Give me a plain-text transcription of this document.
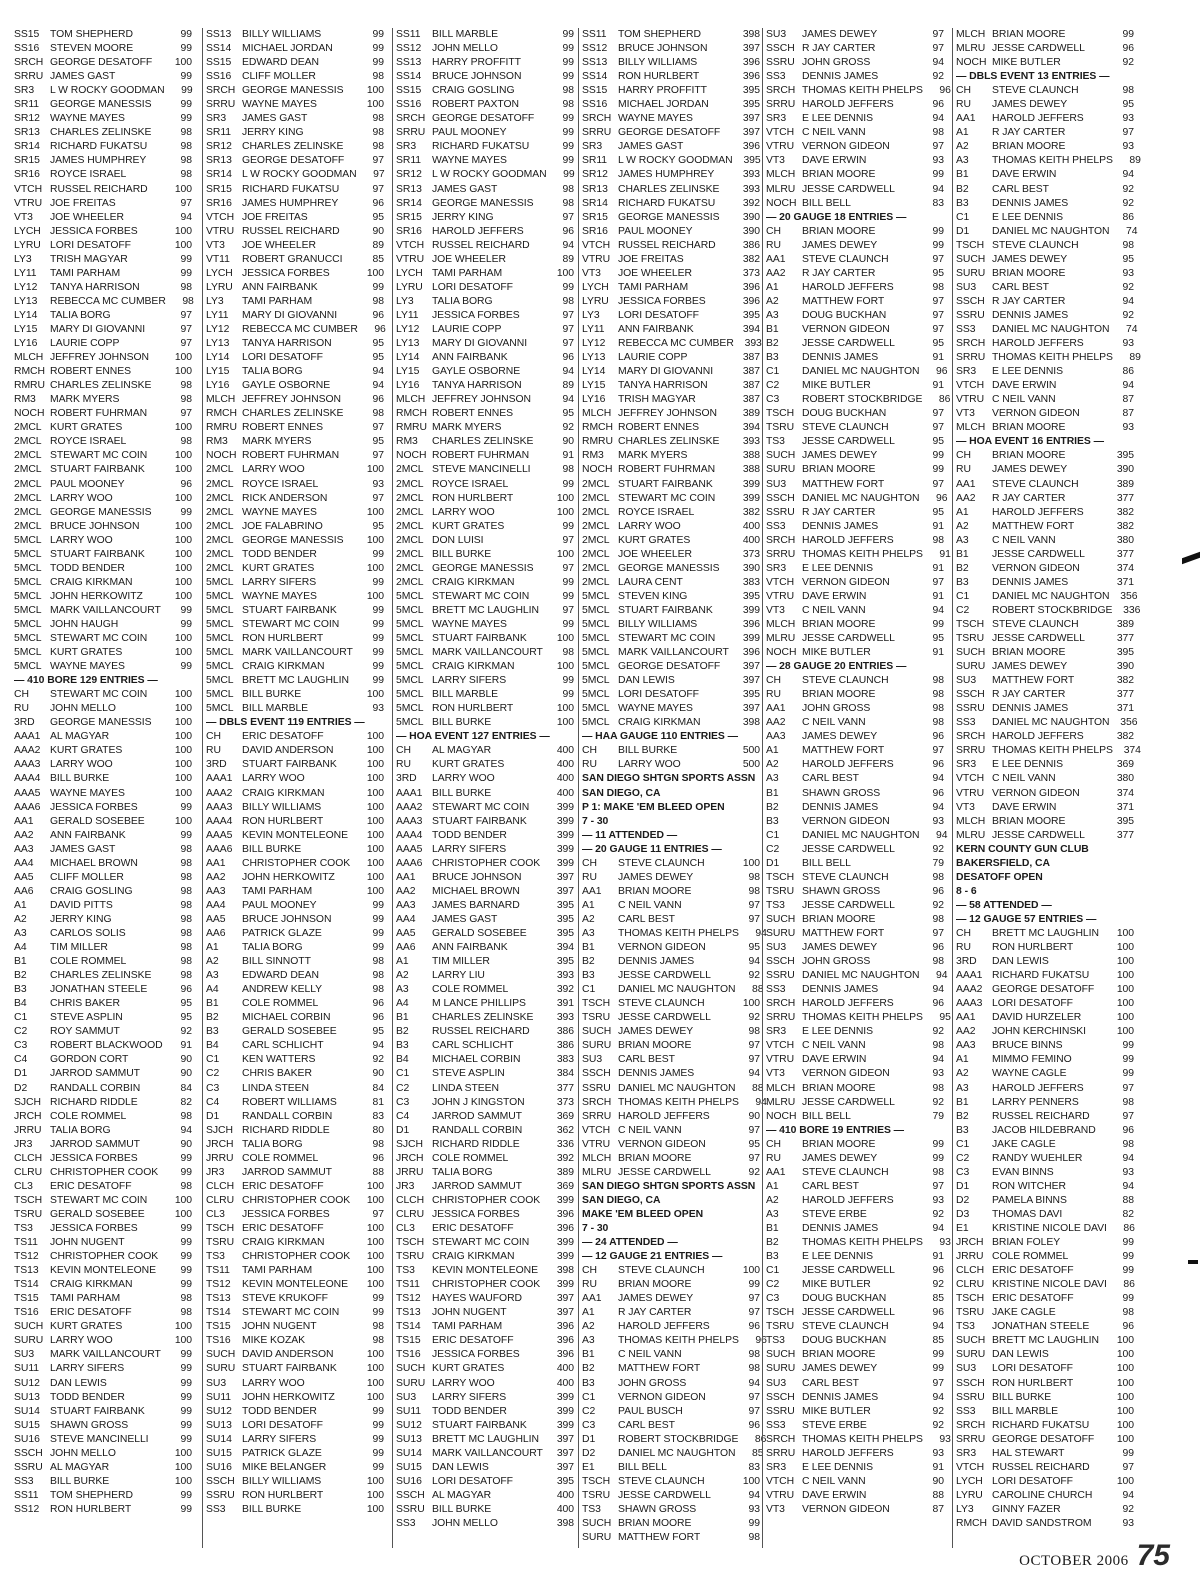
SS15	TOM SHEPHERD	99
SS16	STEVEN MOORE	99
SRCH GEORGE DESATOFF	100
SRRU JAMES GAST	99
SR3	L W ROCKY GOODMAN	99
SR11	GEORGE MANESSIS	99
SR12 WAYNE MAYES	99
SR13 CHARLES ZELINSKE	98
SR14 RICHARD FUKATSU	98
SR15 JAMES HUMPHREY	98
SR16 ROYCE ISRAEL	98
VTCH RUSSEL REICHARD	100
VTRU JOE FREITAS	97
VT3	JOE WHEELER	94
LYCH JESSICA FORBES	100
LYRU LORI DESATOFF	100
LY3	TRISH MAGYAR	99
LY11	TAMI PARHAM	99
LY12	TANYA HARRISON	98
LY13	REBECCA MC CUMBER	98
LY14	TALIA BORG	97
LY15	MARY DI GIOVANNI	97
LY16	LAURIE COPP	97
MLCH JEFFREY JOHNSON	100
RMCH ROBERT ENNES	100
RMRU CHARLES ZELINSKE	98
RM3	MARK MYERS	98
NOCH ROBERT FUHRMAN	97
2MCL KURT GRATES	100
2MCL ROYCE ISRAEL	98
2MCL STEWART MC COIN	100
2MCL STUART FAIRBANK	100
2MCL PAUL MOONEY	96
2MCL LARRY WOO	100
2MCL GEORGE MANESSIS	99
2MCL BRUCE JOHNSON	100
5MCL LARRY WOO	100
5MCL STUART FAIRBANK	100
5MCL TODD BENDER	100
5MCL CRAIG KIRKMAN	100
5MCL JOHN HERKOWITZ	100
5MCL MARK VAILLANCOURT	99
5MCL JOHN HAUGH	99
5MCL STEWART MC COIN	100
5MCL KURT GRATES	100
5MCL WAYNE MAYES	99
— 410 BORE 129 ENTRIES —
CH	STEWART MC COIN	100
RU	JOHN MELLO	100
3RD	GEORGE MANESSIS	100
AAA1 AL MAGYAR	100
AAA2 KURT GRATES	100
AAA3 LARRY WOO	100
AAA4 BILL BURKE	100
AAA5 WAYNE MAYES	100
AAA6 JESSICA FORBES	99
AA1	GERALD SOSEBEE	100
AA2	ANN FAIRBANK	99
AA3	JAMES GAST	98
AA4	MICHAEL BROWN	98
AA5	CLIFF MOLLER	98
AA6	CRAIG GOSLING	98
A1	DAVID PITTS	98
A2	JERRY KING	98
A3	CARLOS SOLIS	98
A4	TIM MILLER	98
B1	COLE ROMMEL	98
B2	CHARLES ZELINSKE	98
B3	JONATHAN STEELE	96
B4	CHRIS BAKER	95
C1	STEVE ASPLIN	95
C2	ROY SAMMUT	92
C3	ROBERT BLACKWOOD	91
C4	GORDON CORT	90
D1	JARROD SAMMUT	90
D2	RANDALL CORBIN	84
SJCH RICHARD RIDDLE	82
JRCH COLE ROMMEL	98
JRRU TALIA BORG	94
JR3	JARROD SAMMUT	90
CLCH JESSICA FORBES	99
CLRU CHRISTOPHER COOK	99
CL3	ERIC DESATOFF	98
TSCH STEWART MC COIN	100
TSRU GERALD SOSEBEE	100
TS3	JESSICA FORBES	99
TS11	JOHN NUGENT	99
TS12	CHRISTOPHER COOK	99
TS13	KEVIN MONTELEONE	99
TS14	CRAIG KIRKMAN	99
TS15	TAMI PARHAM	98
TS16	ERIC DESATOFF	98
SUCH KURT GRATES	100
SURU LARRY WOO	100
SU3	MARK VAILLANCOURT	99
SU11	LARRY SIFERS	99
SU12 DAN LEWIS	99
SU13 TODD BENDER	99
SU14 STUART FAIRBANK	99
SU15 SHAWN GROSS	99
SU16 STEVE MANCINELLI	99
SSCH JOHN MELLO	100
SSRU AL MAGYAR	100
SS3	BILL BURKE	100
SS11	TOM SHEPHERD	99
SS12	RON HURLBERT	99
SS13	BILLY WILLIAMS	99
SS14	MICHAEL JORDAN	99
SS15	EDWARD DEAN	99
SS16	CLIFF MOLLER	98
SRCH GEORGE MANESSIS	100
SRRU WAYNE MAYES	100
SR3	JAMES GAST	98
SR11	JERRY KING	98
SR12 CHARLES ZELINSKE	98
SR13 GEORGE DESATOFF	97
SR14 L W ROCKY GOODMAN	97
SR15 RICHARD FUKATSU	97
SR16 JAMES HUMPHREY	96
VTCH JOE FREITAS	95
VTRU RUSSEL REICHARD	90
VT3	JOE WHEELER	89
VT11	ROBERT GRANUCCI	85
LYCH JESSICA FORBES	100
LYRU ANN FAIRBANK	99
LY3	TAMI PARHAM	98
LY11	MARY DI GIOVANNI	96
LY12	REBECCA MC CUMBER	96
LY13	TANYA HARRISON	95
LY14	LORI DESATOFF	95
LY15	TALIA BORG	94
LY16	GAYLE OSBORNE	94
MLCH JEFFREY JOHNSON	96
RMCH CHARLES ZELINSKE	98
RMRU ROBERT ENNES	97
RM3	MARK MYERS	95
NOCH ROBERT FUHRMAN	97
2MCL LARRY WOO	100
2MCL ROYCE ISRAEL	93
2MCL RICK ANDERSON	97
2MCL WAYNE MAYES	100
2MCL JOE FALABRINO	95
2MCL GEORGE MANESSIS	100
2MCL TODD BENDER	99
2MCL KURT GRATES	100
5MCL LARRY SIFERS	99
5MCL WAYNE MAYES	100
5MCL STUART FAIRBANK	99
5MCL STEWART MC COIN	99
5MCL RON HURLBERT	99
5MCL MARK VAILLANCOURT	99
5MCL CRAIG KIRKMAN	99
5MCL BRETT MC LAUGHLIN	99
5MCL BILL BURKE	100
5MCL BILL MARBLE	93
— DBLS EVENT 119 ENTRIES —
CH	ERIC DESATOFF	100
RU	DAVID ANDERSON	100
3RD	STUART FAIRBANK	100
AAA1 LARRY WOO	100
AAA2 CRAIG KIRKMAN	100
AAA3 BILLY WILLIAMS	100
AAA4 RON HURLBERT	100
AAA5 KEVIN MONTELEONE	100
AAA6 BILL BURKE	100
AA1	CHRISTOPHER COOK	100
AA2	JOHN HERKOWITZ	100
AA3	TAMI PARHAM	100
AA4	PAUL MOONEY	99
AA5	BRUCE JOHNSON	99
AA6	PATRICK GLAZE	99
A1	TALIA BORG	99
A2	BILL SINNOTT	98
A3	EDWARD DEAN	98
A4	ANDREW KELLY	98
B1	COLE ROMMEL	96
B2	MICHAEL CORBIN	96
B3	GERALD SOSEBEE	95
B4	CARL SCHLICHT	94
C1	KEN WATTERS	92
C2	CHRIS BAKER	90
C3	LINDA STEEN	84
C4	ROBERT WILLIAMS	81
D1	RANDALL CORBIN	83
SJCH RICHARD RIDDLE	80
JRCH TALIA BORG	98
JRRU COLE ROMMEL	96
JR3	JARROD SAMMUT	88
CLCH ERIC DESATOFF	100
CLRU CHRISTOPHER COOK	100
CL3	JESSICA FORBES	97
TSCH ERIC DESATOFF	100
TSRU CRAIG KIRKMAN	100
TS3	CHRISTOPHER COOK	100
TS11	TAMI PARHAM	100
TS12	KEVIN MONTELEONE	100
TS13	STEVE KRUKOFF	99
TS14	STEWART MC COIN	99
TS15	JOHN NUGENT	98
TS16	MIKE KOZAK	98
SUCH DAVID ANDERSON	100
SURU STUART FAIRBANK	100
SU3	LARRY WOO	100
SU11	JOHN HERKOWITZ	100
SU12 TODD BENDER	99
SU13 LORI DESATOFF	99
SU14 LARRY SIFERS	99
SU15 PATRICK GLAZE	99
SU16 MIKE BELANGER	99
SSCH BILLY WILLIAMS	100
SSRU RON HURLBERT	100
SS3	BILL BURKE	100
SS11	BILL MARBLE	99
SS12	JOHN MELLO	99
SS13	HARRY PROFFITT	99
SS14	BRUCE JOHNSON	99
SS15	CRAIG GOSLING	98
SS16	ROBERT PAXTON	98
SRCH GEORGE DESATOFF	99
SRRU PAUL MOONEY	99
SR3	RICHARD FUKATSU	99
SR11	WAYNE MAYES	99
SR12 L W ROCKY GOODMAN	99
SR13 JAMES GAST	98
SR14 GEORGE MANESSIS	98
SR15 JERRY KING	97
SR16 HAROLD JEFFERS	96
VTCH RUSSEL REICHARD	94
VTRU JOE WHEELER	89
LYCH TAMI PARHAM	100
LYRU LORI DESATOFF	99
LY3	TALIA BORG	98
LY11	JESSICA FORBES	97
LY12	LAURIE COPP	97
LY13	MARY DI GIOVANNI	97
LY14	ANN FAIRBANK	96
LY15	GAYLE OSBORNE	94
LY16	TANYA HARRISON	89
MLCH JEFFREY JOHNSON	94
RMCH ROBERT ENNES	95
RMRU MARK MYERS	92
RM3	CHARLES ZELINSKE	90
NOCH ROBERT FUHRMAN	91
2MCL STEVE MANCINELLI	98
2MCL ROYCE ISRAEL	99
2MCL RON HURLBERT	100
2MCL LARRY WOO	100
2MCL KURT GRATES	99
2MCL DON LUISI	97
2MCL BILL BURKE	100
2MCL GEORGE MANESSIS	97
2MCL CRAIG KIRKMAN	99
5MCL STEWART MC COIN	99
5MCL BRETT MC LAUGHLIN	97
5MCL WAYNE MAYES	99
5MCL STUART FAIRBANK	100
5MCL MARK VAILLANCOURT	98
5MCL CRAIG KIRKMAN	100
5MCL LARRY SIFERS	99
5MCL BILL MARBLE	99
5MCL RON HURLBERT	100
5MCL BILL BURKE	100
— HOA EVENT 127 ENTRIES —
CH	AL MAGYAR	400
RU	KURT GRATES	400
3RD	LARRY WOO	400
AAA1 BILL BURKE	400
AAA2 STEWART MC COIN	399
AAA3 STUART FAIRBANK	399
AAA4 TODD BENDER	399
AAA5 LARRY SIFERS	399
AAA6 CHRISTOPHER COOK	399
AA1	BRUCE JOHNSON	397
AA2	MICHAEL BROWN	397
AA3	JAMES BARNARD	395
AA4	JAMES GAST	395
AA5	GERALD SOSEBEE	395
AA6	ANN FAIRBANK	394
A1	TIM MILLER	395
A2	LARRY LIU	393
A3	COLE ROMMEL	392
A4	M LANCE PHILLIPS	391
B1	CHARLES ZELINSKE	393
B2	RUSSEL REICHARD	386
B3	CARL SCHLICHT	386
B4	MICHAEL CORBIN	383
C1	STEVE ASPLIN	384
C2	LINDA STEEN	377
C3	JOHN J KINGSTON	373
C4	JARROD SAMMUT	369
D1	RANDALL CORBIN	362
SJCH RICHARD RIDDLE	336
JRCH COLE ROMMEL	392
JRRU TALIA BORG	389
JR3	JARROD SAMMUT	369
CLCH CHRISTOPHER COOK	399
CLRU JESSICA FORBES	396
CL3	ERIC DESATOFF	396
TSCH STEWART MC COIN	399
TSRU CRAIG KIRKMAN	399
TS3	KEVIN MONTELEONE	398
TS11	CHRISTOPHER COOK	399
TS12	HAYES WAUFORD	397
TS13	JOHN NUGENT	397
TS14	TAMI PARHAM	396
TS15	ERIC DESATOFF	396
TS16	JESSICA FORBES	396
SUCH KURT GRATES	400
SURU LARRY WOO	400
SU3	LARRY SIFERS	399
SU11	TODD BENDER	399
SU12 STUART FAIRBANK	399
SU13 BRETT MC LAUGHLIN	397
SU14 MARK VAILLANCOURT	397
SU15 DAN LEWIS	397
SU16 LORI DESATOFF	395
SSCH AL MAGYAR	400
SSRU BILL BURKE	400
SS3	JOHN MELLO	398
SS11	TOM SHEPHERD	398
SS12	BRUCE JOHNSON	397
SS13	BILLY WILLIAMS	396
SS14	RON HURLBERT	396
SS15	HARRY PROFFITT	395
SS16	MICHAEL JORDAN	395
SRCH WAYNE MAYES	397
SRRU GEORGE DESATOFF	397
SR3	JAMES GAST	396
SR11	L W ROCKY GOODMAN	395
SR12 JAMES HUMPHREY	393
SR13 CHARLES ZELINSKE	393
SR14 RICHARD FUKATSU	392
SR15 GEORGE MANESSIS	390
SR16 PAUL MOONEY	390
VTCH RUSSEL REICHARD	386
VTRU JOE FREITAS	382
VT3	JOE WHEELER	373
LYCH TAMI PARHAM	396
LYRU JESSICA FORBES	396
LY3	LORI DESATOFF	395
LY11	ANN FAIRBANK	394
LY12	REBECCA MC CUMBER	393
LY13	LAURIE COPP	387
LY14	MARY DI GIOVANNI	387
LY15	TANYA HARRISON	387
LY16	TRISH MAGYAR	387
MLCH JEFFREY JOHNSON	389
RMCH ROBERT ENNES	394
RMRU CHARLES ZELINSKE	393
RM3	MARK MYERS	388
NOCH ROBERT FUHRMAN	388
2MCL STUART FAIRBANK	399
2MCL STEWART MC COIN	399
2MCL ROYCE ISRAEL	382
2MCL LARRY WOO	400
2MCL KURT GRATES	400
2MCL JOE WHEELER	373
2MCL GEORGE MANESSIS	390
2MCL LAURA CENT	383
5MCL STEVEN KING	395
5MCL STUART FAIRBANK	399
5MCL BILLY WILLIAMS	396
5MCL STEWART MC COIN	399
5MCL MARK VAILLANCOURT	396
5MCL GEORGE DESATOFF	397
5MCL DAN LEWIS	397
5MCL LORI DESATOFF	395
5MCL WAYNE MAYES	397
5MCL CRAIG KIRKMAN	398
— HAA GAUGE 110 ENTRIES —
CH	BILL BURKE	500
RU	LARRY WOO	500
SAN DIEGO SHTGN SPORTS ASSN
SAN DIEGO, CA
P 1: MAKE 'EM BLEED OPEN
7 - 30
— 11 ATTENDED —
— 20 GAUGE 11 ENTRIES —
CH	STEVE CLAUNCH	100
RU	JAMES DEWEY	98
AA1	BRIAN MOORE	98
A1	C NEIL VANN	97
A2	CARL BEST	97
A3	THOMAS KEITH PHELPS	94
B1	VERNON GIDEON	95
B2	DENNIS JAMES	94
B3	JESSE CARDWELL	92
C1	DANIEL MC NAUGHTON	88
TSCH STEVE CLAUNCH	100
TSRU JESSE CARDWELL	92
SUCH JAMES DEWEY	98
SURU BRIAN MOORE	97
SU3	CARL BEST	97
SSCH DENNIS JAMES	94
SSRU DANIEL MC NAUGHTON	88
SRCH THOMAS KEITH PHELPS	94
SRRU HAROLD JEFFERS	90
VTCH C NEIL VANN	97
VTRU VERNON GIDEON	95
MLCH BRIAN MOORE	97
MLRU JESSE CARDWELL	92
SAN DIEGO SHTGN SPORTS ASSN
SAN DIEGO, CA
MAKE 'EM BLEED OPEN
7 - 30
— 24 ATTENDED —
— 12 GAUGE 21 ENTRIES —
CH	STEVE CLAUNCH	100
RU	BRIAN MOORE	99
AA1	JAMES DEWEY	97
A1	R JAY CARTER	97
A2	HAROLD JEFFERS	96
A3	THOMAS KEITH PHELPS	96
B1	C NEIL VANN	98
B2	MATTHEW FORT	98
B3	JOHN GROSS	94
C1	VERNON GIDEON	97
C2	PAUL BUSCH	97
C3	CARL BEST	96
D1	ROBERT STOCKBRIDGE	86
D2	DANIEL MC NAUGHTON	85
E1	BILL BELL	83
TSCH STEVE CLAUNCH	100
TSRU JESSE CARDWELL	94
TS3	SHAWN GROSS	93
SUCH BRIAN MOORE	99
SURU MATTHEW FORT	98
SU3	JAMES DEWEY	97
SSCH R JAY CARTER	97
SSRU JOHN GROSS	94
SS3	DENNIS JAMES	92
SRCH THOMAS KEITH PHELPS	96
SRRU HAROLD JEFFERS	96
SR3	E LEE DENNIS	94
VTCH C NEIL VANN	98
VTRU VERNON GIDEON	97
VT3	DAVE ERWIN	93
MLCH BRIAN MOORE	99
MLRU JESSE CARDWELL	94
NOCH BILL BELL	83
— 20 GAUGE 18 ENTRIES —
CH	BRIAN MOORE	99
RU	JAMES DEWEY	99
AA1	STEVE CLAUNCH	97
AA2	R JAY CARTER	95
A1	HAROLD JEFFERS	98
A2	MATTHEW FORT	97
A3	DOUG BUCKHAN	97
B1	VERNON GIDEON	97
B2	JESSE CARDWELL	95
B3	DENNIS JAMES	91
C1	DANIEL MC NAUGHTON	96
C2	MIKE BUTLER	91
C3	ROBERT STOCKBRIDGE	86
TSCH DOUG BUCKHAN	97
TSRU STEVE CLAUNCH	97
TS3	JESSE CARDWELL	95
SUCH JAMES DEWEY	99
SURU BRIAN MOORE	99
SU3	MATTHEW FORT	97
SSCH DANIEL MC NAUGHTON	96
SSRU R JAY CARTER	95
SS3	DENNIS JAMES	91
SRCH HAROLD JEFFERS	98
SRRU THOMAS KEITH PHELPS	91
SR3	E LEE DENNIS	91
VTCH VERNON GIDEON	97
VTRU DAVE ERWIN	91
VT3	C NEIL VANN	94
MLCH BRIAN MOORE	99
MLRU JESSE CARDWELL	95
NOCH MIKE BUTLER	91
— 28 GAUGE 20 ENTRIES —
CH	STEVE CLAUNCH	98
RU	BRIAN MOORE	98
AA1	JOHN GROSS	98
AA2	C NEIL VANN	98
AA3	JAMES DEWEY	96
A1	MATTHEW FORT	97
A2	HAROLD JEFFERS	96
A3	CARL BEST	94
B1	SHAWN GROSS	96
B2	DENNIS JAMES	94
B3	VERNON GIDEON	93
C1	DANIEL MC NAUGHTON	94
C2	JESSE CARDWELL	92
D1	BILL BELL	79
TSCH STEVE CLAUNCH	98
TSRU SHAWN GROSS	96
TS3	JESSE CARDWELL	92
SUCH BRIAN MOORE	98
SURU MATTHEW FORT	97
SU3	JAMES DEWEY	96
SSCH JOHN GROSS	98
SSRU DANIEL MC NAUGHTON	94
SS3	DENNIS JAMES	94
SRCH HAROLD JEFFERS	96
SRRU THOMAS KEITH PHELPS	95
SR3	E LEE DENNIS	92
VTCH C NEIL VANN	98
VTRU DAVE ERWIN	94
VT3	VERNON GIDEON	93
MLCH BRIAN MOORE	98
MLRU JESSE CARDWELL	92
NOCH BILL BELL	79
— 410 BORE 19 ENTRIES —
CH	BRIAN MOORE	99
RU	JAMES DEWEY	99
AA1	STEVE CLAUNCH	98
A1	CARL BEST	97
A2	HAROLD JEFFERS	93
A3	STEVE ERBE	92
B1	DENNIS JAMES	94
B2	THOMAS KEITH PHELPS	93
B3	E LEE DENNIS	91
C1	JESSE CARDWELL	96
C2	MIKE BUTLER	92
C3	DOUG BUCKHAN	85
TSCH JESSE CARDWELL	96
TSRU STEVE CLAUNCH	94
TS3	DOUG BUCKHAN	85
SUCH BRIAN MOORE	99
SURU JAMES DEWEY	99
SU3	CARL BEST	97
SSCH DENNIS JAMES	94
SSRU MIKE BUTLER	92
SS3	STEVE ERBE	92
SRCH THOMAS KEITH PHELPS	93
SRRU HAROLD JEFFERS	93
SR3	E LEE DENNIS	91
VTCH C NEIL VANN	90
VTRU DAVE ERWIN	88
VT3	VERNON GIDEON	87
MLCH BRIAN MOORE	99
MLRU JESSE CARDWELL	96
NOCH MIKE BUTLER	92
— DBLS EVENT 13 ENTRIES —
CH	STEVE CLAUNCH	98
RU	JAMES DEWEY	95
AA1	HAROLD JEFFERS	93
A1	R JAY CARTER	97
A2	BRIAN MOORE	93
A3	THOMAS KEITH PHELPS	89
B1	DAVE ERWIN	94
B2	CARL BEST	92
B3	DENNIS JAMES	92
C1	E LEE DENNIS	86
D1	DANIEL MC NAUGHTON	74
TSCH STEVE CLAUNCH	98
SUCH JAMES DEWEY	95
SURU BRIAN MOORE	93
SU3	CARL BEST	92
SSCH R JAY CARTER	94
SSRU DENNIS JAMES	92
SS3	DANIEL MC NAUGHTON	74
SRCH HAROLD JEFFERS	93
SRRU THOMAS KEITH PHELPS	89
SR3	E LEE DENNIS	86
VTCH DAVE ERWIN	94
VTRU C NEIL VANN	87
VT3	VERNON GIDEON	87
MLCH BRIAN MOORE	93
— HOA EVENT 16 ENTRIES —
CH	BRIAN MOORE	395
RU	JAMES DEWEY	390
AA1	STEVE CLAUNCH	389
AA2	R JAY CARTER	377
A1	HAROLD JEFFERS	382
A2	MATTHEW FORT	382
A3	C NEIL VANN	380
B1	JESSE CARDWELL	377
B2	VERNON GIDEON	374
B3	DENNIS JAMES	371
C1	DANIEL MC NAUGHTON	356
C2	ROBERT STOCKBRIDGE	336
TSCH STEVE CLAUNCH	389
TSRU JESSE CARDWELL	377
SUCH BRIAN MOORE	395
SURU JAMES DEWEY	390
SU3	MATTHEW FORT	382
SSCH R JAY CARTER	377
SSRU DENNIS JAMES	371
SS3	DANIEL MC NAUGHTON	356
SRCH HAROLD JEFFERS	382
SRRU THOMAS KEITH PHELPS	374
SR3	E LEE DENNIS	369
VTCH C NEIL VANN	380
VTRU VERNON GIDEON	374
VT3	DAVE ERWIN	371
MLCH BRIAN MOORE	395
MLRU JESSE CARDWELL	377
KERN COUNTY GUN CLUB
BAKERSFIELD, CA
DESATOFF OPEN
8 - 6
— 58 ATTENDED —
— 12 GAUGE 57 ENTRIES —
CH	BRETT MC LAUGHLIN	100
RU	RON HURLBERT	100
3RD	DAN LEWIS	100
AAA1 RICHARD FUKATSU	100
AAA2 GEORGE DESATOFF	100
AAA3 LORI DESATOFF	100
AA1	DAVID HURZELER	100
AA2	JOHN KERCHINSKI	100
AA3	BRUCE BINNS	99
A1	MIMMO FEMINO	99
A2	WAYNE CAGLE	99
A3	HAROLD JEFFERS	97
B1	LARRY PENNERS	98
B2	RUSSEL REICHARD	97
B3	JACOB HILDEBRAND	96
C1	JAKE CAGLE	98
C2	RANDY WUEHLER	94
C3	EVAN BINNS	93
D1	RON WITCHER	94
D2	PAMELA BINNS	88
D3	THOMAS DAVI	82
E1	KRISTINE NICOLE DAVI	86
JRCH BRIAN FOLEY	99
JRRU COLE ROMMEL	99
CLCH ERIC DESATOFF	99
CLRU KRISTINE NICOLE DAVI	86
TSCH ERIC DESATOFF	99
TSRU JAKE CAGLE	98
TS3	JONATHAN STEELE	96
SUCH BRETT MC LAUGHLIN	100
SURU DAN LEWIS	100
SU3	LORI DESATOFF	100
SSCH RON HURLBERT	100
SSRU BILL BURKE	100
SS3	BILL MARBLE	100
SRCH RICHARD FUKATSU	100
SRRU GEORGE DESATOFF	100
SR3	HAL STEWART	99
VTCH RUSSEL REICHARD	97
LYCH LORI DESATOFF	100
LYRU CAROLINE CHURCH	94
LY3	GINNY FAZER	92
RMCH DAVID SANDSTROM	93
OCTOBER 2006 75
